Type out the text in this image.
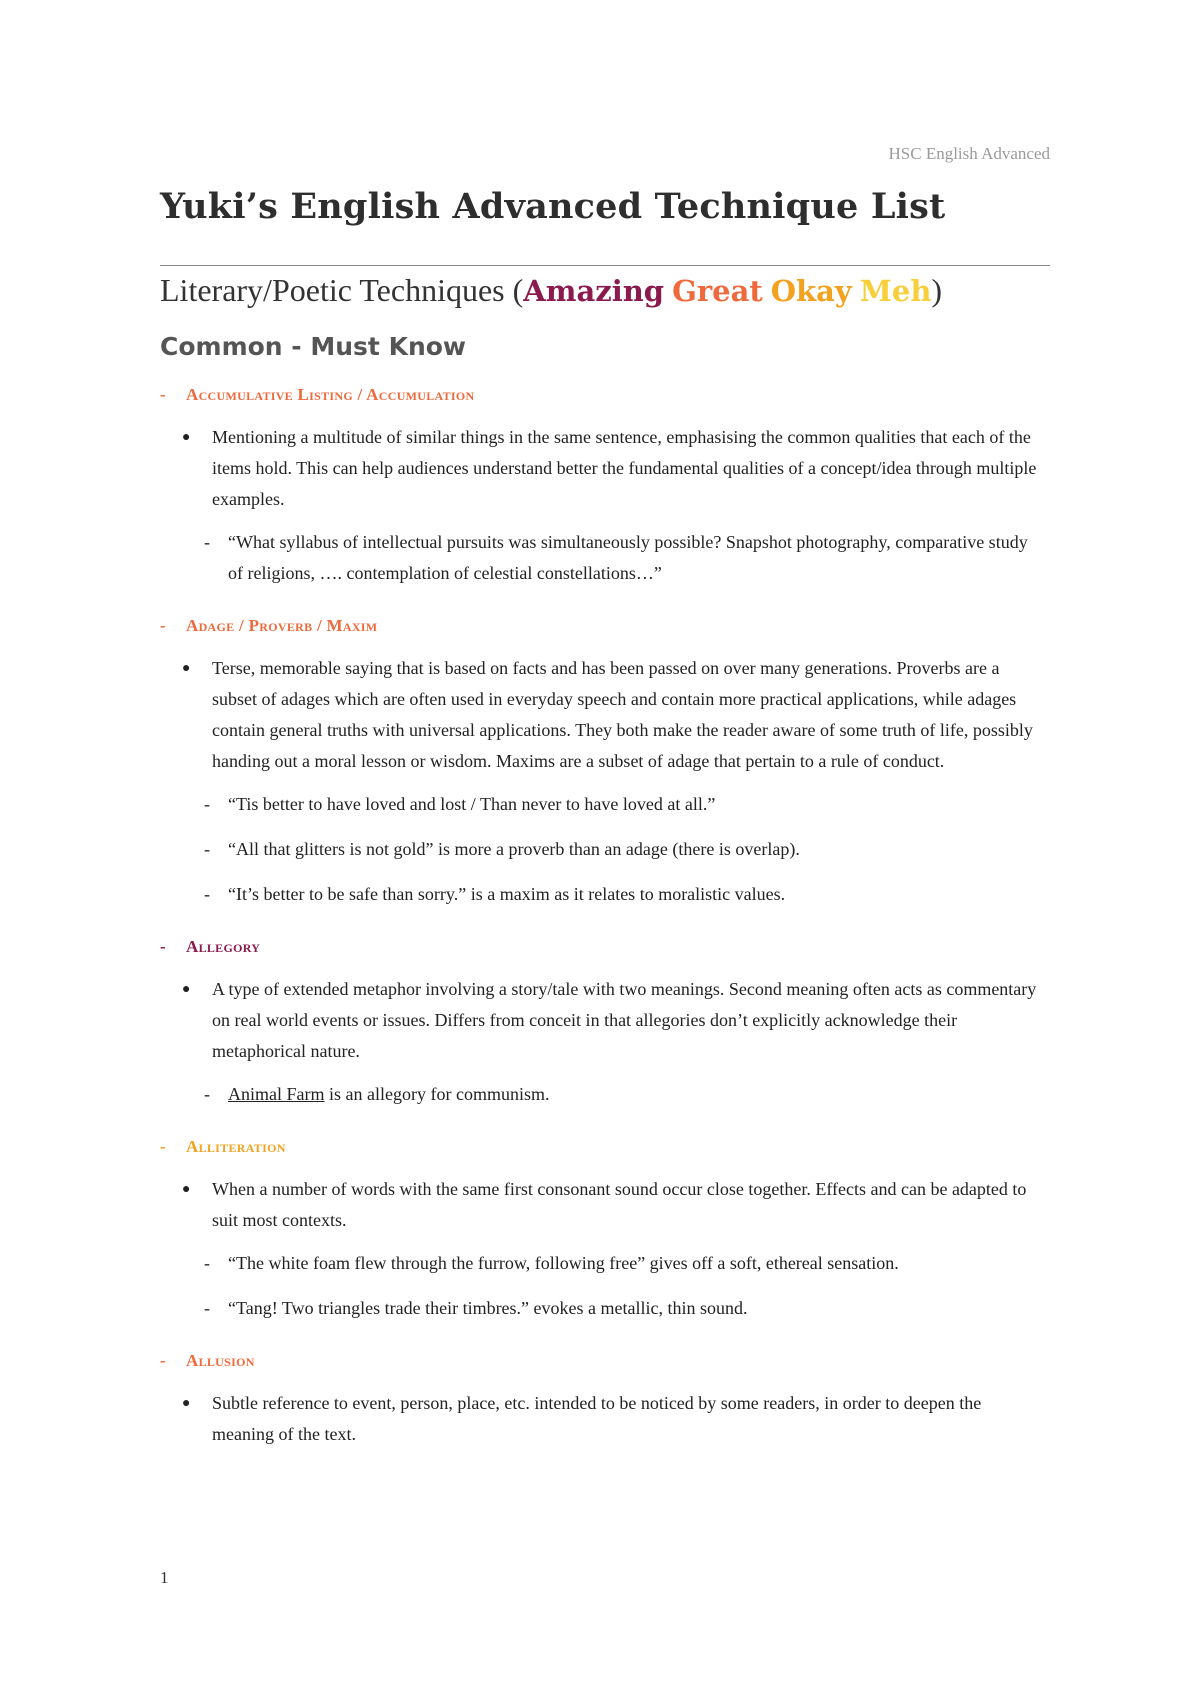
HSC English Advanced
Yuki’s English Advanced Technique List
Literary/Poetic Techniques (Amazing Great Okay Meh)
Common - Must Know
-	Accumulative Listing / Accumulation
●	Mentioning a multitude of similar things in the same sentence, emphasising the common qualities that each of the items hold. This can help audiences understand better the fundamental qualities of a concept/idea through multiple examples.
-	“What syllabus of intellectual pursuits was simultaneously possible? Snapshot photography, comparative study of religions, …. contemplation of celestial constellations…”
-	Adage / Proverb / Maxim
●	Terse, memorable saying that is based on facts and has been passed on over many generations. Proverbs are a subset of adages which are often used in everyday speech and contain more practical applications, while adages contain general truths with universal applications. They both make the reader aware of some truth of life, possibly handing out a moral lesson or wisdom. Maxims are a subset of adage that pertain to a rule of conduct.
-	“Tis better to have loved and lost / Than never to have loved at all.”
-	“All that glitters is not gold” is more a proverb than an adage (there is overlap).
-	“It’s better to be safe than sorry.” is a maxim as it relates to moralistic values.
-	Allegory
●	A type of extended metaphor involving a story/tale with two meanings. Second meaning often acts as commentary on real world events or issues. Differs from conceit in that allegories don’t explicitly acknowledge their metaphorical nature.
-	Animal Farm is an allegory for communism.
-	Alliteration
●	When a number of words with the same first consonant sound occur close together. Effects and can be adapted to suit most contexts.
-	“The white foam flew through the furrow, following free” gives off a soft, ethereal sensation.
-	“Tang! Two triangles trade their timbres.” evokes a metallic, thin sound.
-	Allusion
●	Subtle reference to event, person, place, etc. intended to be noticed by some readers, in order to deepen the meaning of the text.
1
